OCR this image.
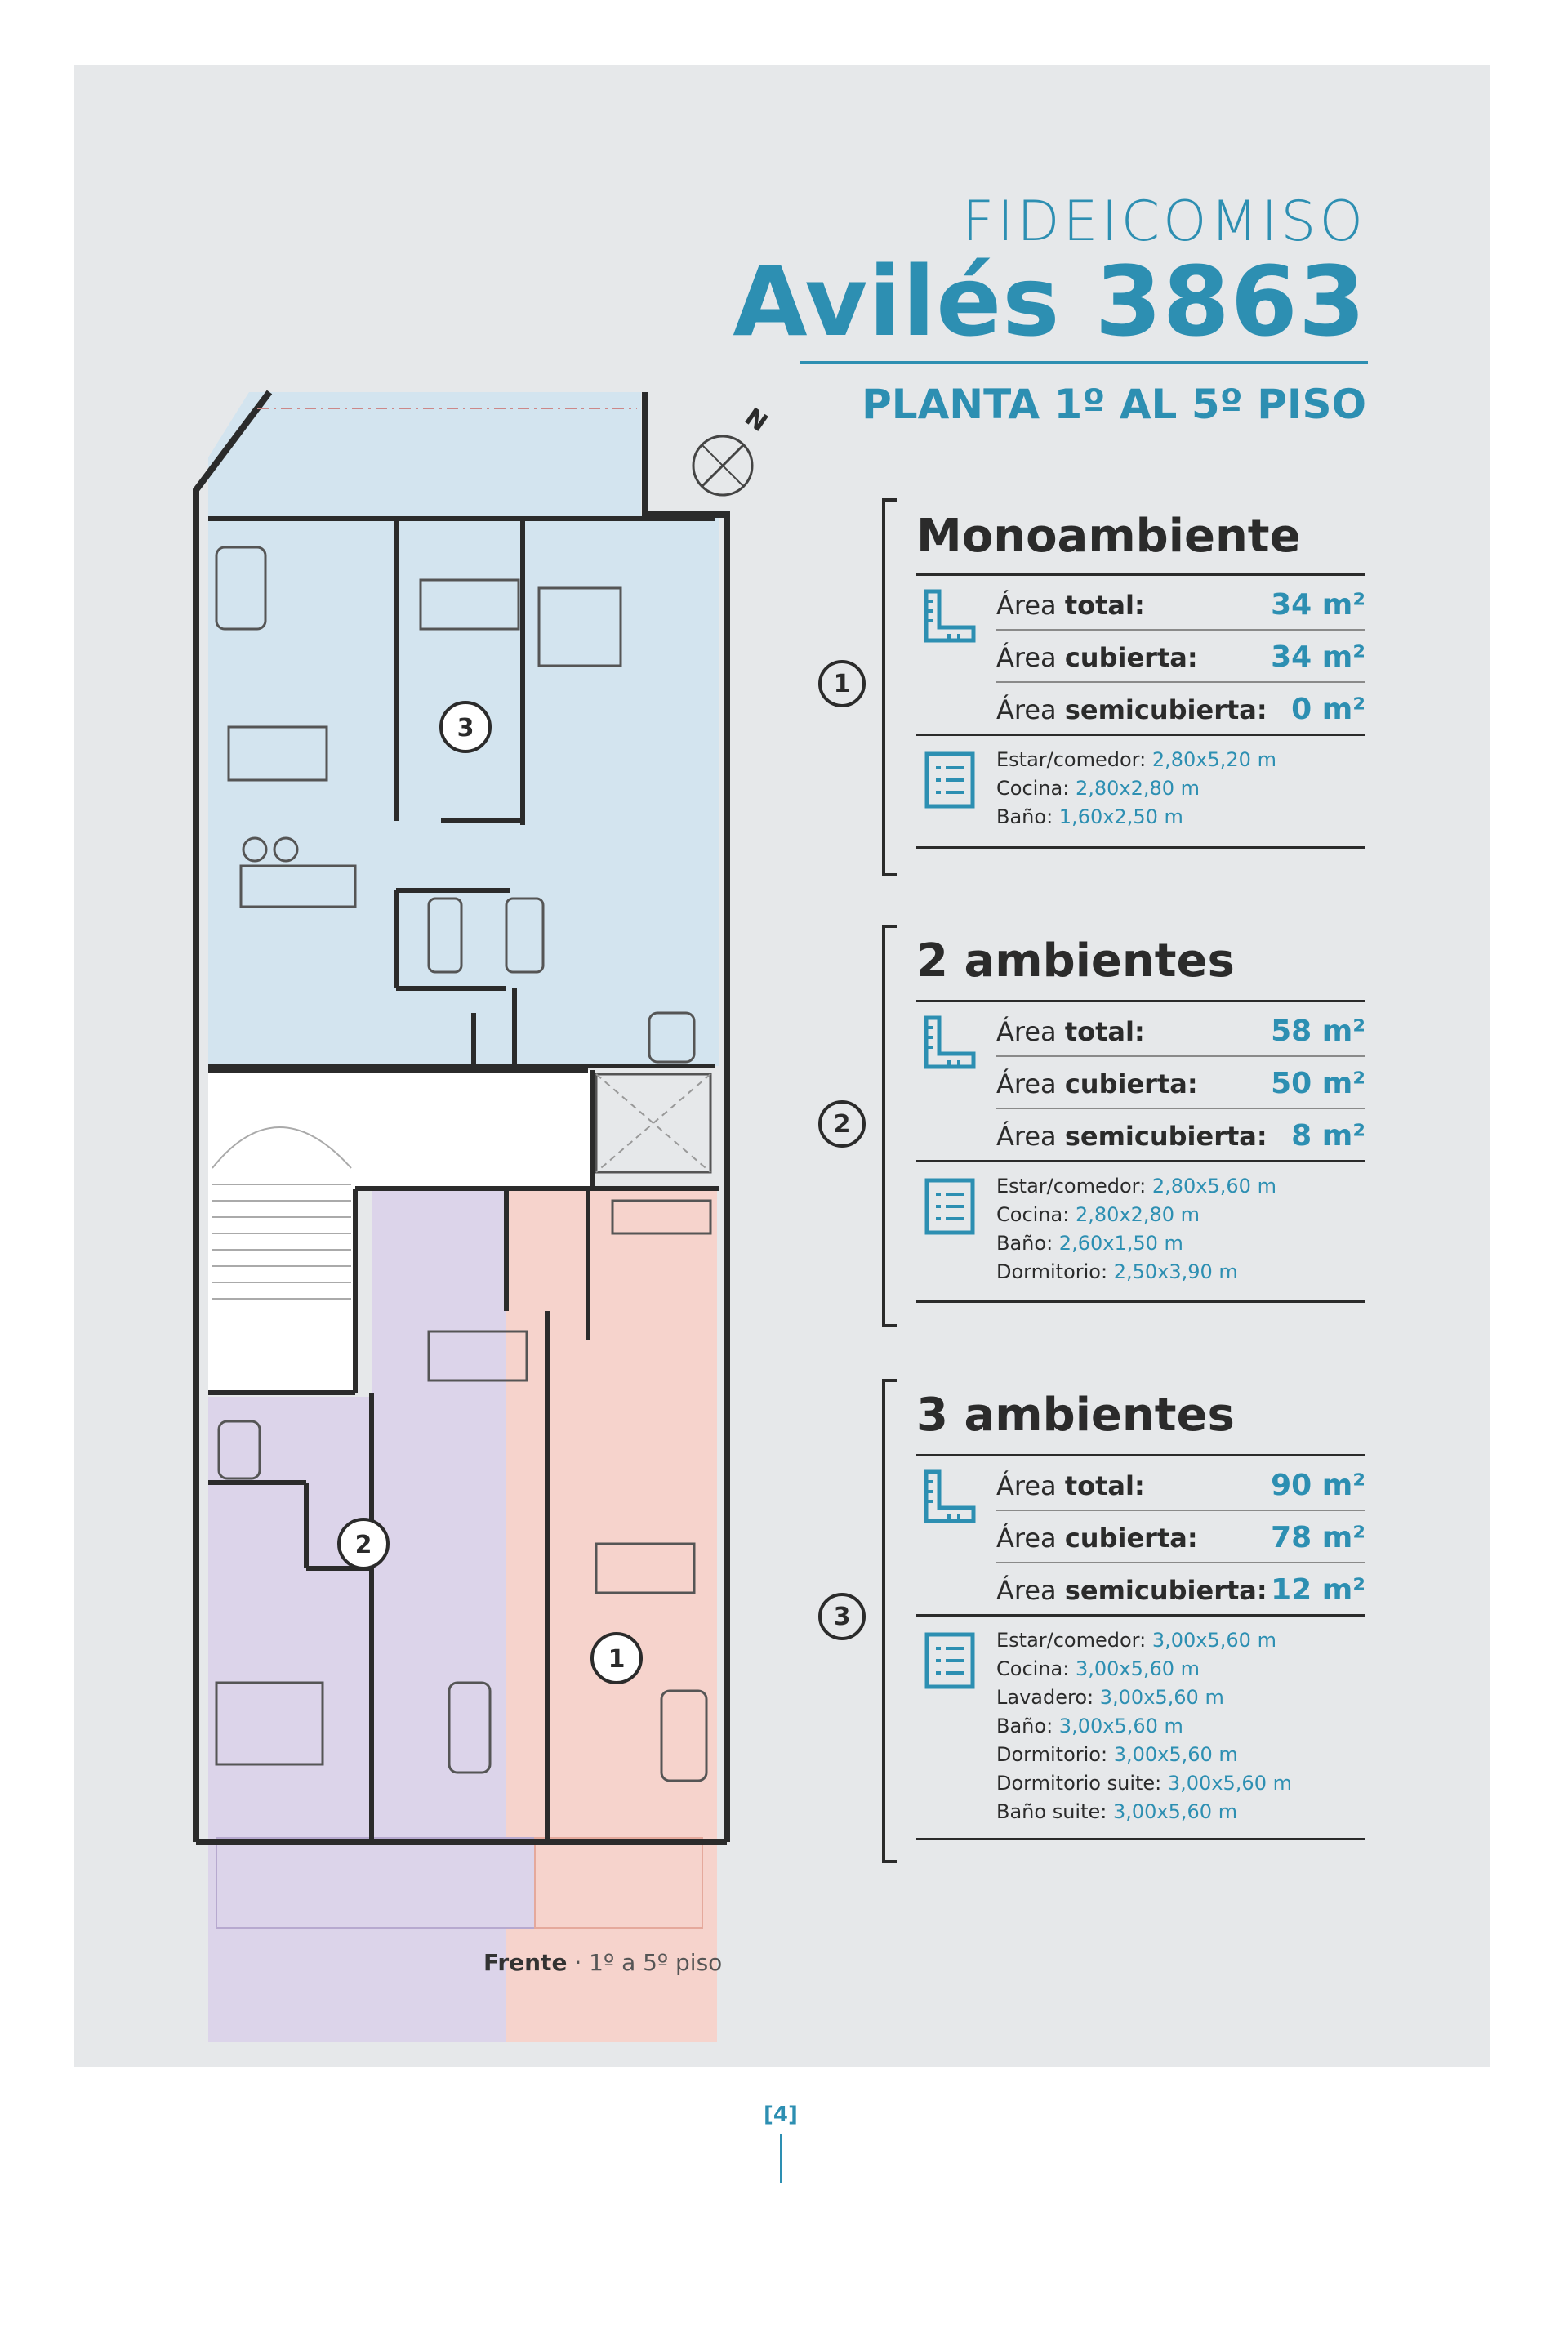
FIDEICOMISO
Avilés 3863
PLANTA 1º AL 5º PISO
N
3
2
1
Frente · 1º a 5º piso
1
Monoambiente
Área total:	34 m²
Área cubierta: 34 m²
Área semicubierta: 0 m²
Estar/comedor: 2,80x5,20 m
Cocina: 2,80x2,80 m
Baño: 1,60x2,50 m
2
2 ambientes
Área total:	58 m²
Área cubierta: 50 m²
Área semicubierta: 8 m²
Estar/comedor: 2,80x5,60 m
Cocina: 2,80x2,80 m
Baño: 2,60x1,50 m
Dormitorio: 2,50x3,90 m
3
3 ambientes
Área total:	90 m²
Área cubierta: 78 m²
Área semicubierta: 12 m²
Estar/comedor: 3,00x5,60 m
Cocina: 3,00x5,60 m
Lavadero: 3,00x5,60 m
Baño: 3,00x5,60 m
Dormitorio: 3,00x5,60 m
Dormitorio suite: 3,00x5,60 m
Baño suite: 3,00x5,60 m
[4]
